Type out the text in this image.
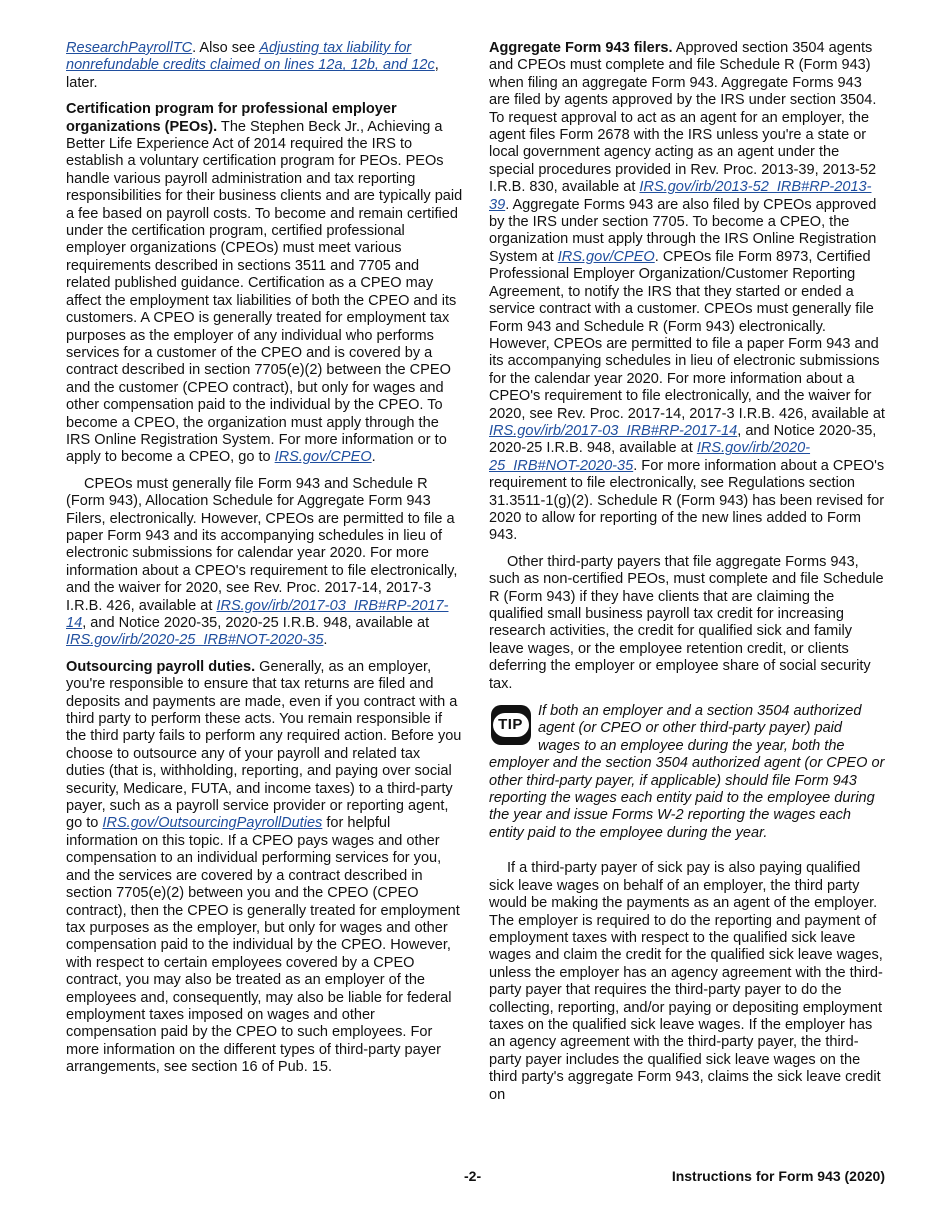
ResearchPayrollTC. Also see Adjusting tax liability for nonrefundable credits claimed on lines 12a, 12b, and 12c, later.

Certification program for professional employer organizations (PEOs). The Stephen Beck Jr., Achieving a Better Life Experience Act of 2014 required the IRS to establish a voluntary certification program for PEOs. PEOs handle various payroll administration and tax reporting responsibilities for their business clients and are typically paid a fee based on payroll costs. To become and remain certified under the certification program, certified professional employer organizations (CPEOs) must meet various requirements described in sections 3511 and 7705 and related published guidance. Certification as a CPEO may affect the employment tax liabilities of both the CPEO and its customers. A CPEO is generally treated for employment tax purposes as the employer of any individual who performs services for a customer of the CPEO and is covered by a contract described in section 7705(e)(2) between the CPEO and the customer (CPEO contract), but only for wages and other compensation paid to the individual by the CPEO. To become a CPEO, the organization must apply through the IRS Online Registration System. For more information or to apply to become a CPEO, go to IRS.gov/CPEO.

CPEOs must generally file Form 943 and Schedule R (Form 943), Allocation Schedule for Aggregate Form 943 Filers, electronically. However, CPEOs are permitted to file a paper Form 943 and its accompanying schedules in lieu of electronic submissions for calendar year 2020. For more information about a CPEO's requirement to file electronically, and the waiver for 2020, see Rev. Proc. 2017-14, 2017-3 I.R.B. 426, available at IRS.gov/irb/2017-03_IRB#RP-2017-14, and Notice 2020-35, 2020-25 I.R.B. 948, available at IRS.gov/irb/2020-25_IRB#NOT-2020-35.

Outsourcing payroll duties. Generally, as an employer, you're responsible to ensure that tax returns are filed and deposits and payments are made, even if you contract with a third party to perform these acts. You remain responsible if the third party fails to perform any required action. Before you choose to outsource any of your payroll and related tax duties (that is, withholding, reporting, and paying over social security, Medicare, FUTA, and income taxes) to a third-party payer, such as a payroll service provider or reporting agent, go to IRS.gov/OutsourcingPayrollDuties for helpful information on this topic. If a CPEO pays wages and other compensation to an individual performing services for you, and the services are covered by a contract described in section 7705(e)(2) between you and the CPEO (CPEO contract), then the CPEO is generally treated for employment tax purposes as the employer, but only for wages and other compensation paid to the individual by the CPEO. However, with respect to certain employees covered by a CPEO contract, you may also be treated as an employer of the employees and, consequently, may also be liable for federal employment taxes imposed on wages and other compensation paid by the CPEO to such employees. For more information on the different types of third-party payer arrangements, see section 16 of Pub. 15.

Aggregate Form 943 filers. Approved section 3504 agents and CPEOs must complete and file Schedule R (Form 943) when filing an aggregate Form 943. Aggregate Forms 943 are filed by agents approved by the IRS under section 3504. To request approval to act as an agent for an employer, the agent files Form 2678 with the IRS unless you're a state or local government agency acting as an agent under the special procedures provided in Rev. Proc. 2013-39, 2013-52 I.R.B. 830, available at IRS.gov/irb/2013-52_IRB#RP-2013-39. Aggregate Forms 943 are also filed by CPEOs approved by the IRS under section 7705. To become a CPEO, the organization must apply through the IRS Online Registration System at IRS.gov/CPEO. CPEOs file Form 8973, Certified Professional Employer Organization/Customer Reporting Agreement, to notify the IRS that they started or ended a service contract with a customer. CPEOs must generally file Form 943 and Schedule R (Form 943) electronically. However, CPEOs are permitted to file a paper Form 943 and its accompanying schedules in lieu of electronic submissions for the calendar year 2020. For more information about a CPEO's requirement to file electronically, and the waiver for 2020, see Rev. Proc. 2017-14, 2017-3 I.R.B. 426, available at IRS.gov/irb/2017-03_IRB#RP-2017-14, and Notice 2020-35, 2020-25 I.R.B. 948, available at IRS.gov/irb/2020-25_IRB#NOT-2020-35. For more information about a CPEO's requirement to file electronically, see Regulations section 31.3511-1(g)(2). Schedule R (Form 943) has been revised for 2020 to allow for reporting of the new lines added to Form 943.

Other third-party payers that file aggregate Forms 943, such as non-certified PEOs, must complete and file Schedule R (Form 943) if they have clients that are claiming the qualified small business payroll tax credit for increasing research activities, the credit for qualified sick and family leave wages, or the employee retention credit, or clients deferring the employer or employee share of social security tax.

TIP
If both an employer and a section 3504 authorized agent (or CPEO or other third-party payer) paid wages to an employee during the year, both the employer and the section 3504 authorized agent (or CPEO or other third-party payer, if applicable) should file Form 943 reporting the wages each entity paid to the employee during the year and issue Forms W-2 reporting the wages each entity paid to the employee during the year.

If a third-party payer of sick pay is also paying qualified sick leave wages on behalf of an employer, the third party would be making the payments as an agent of the employer. The employer is required to do the reporting and payment of employment taxes with respect to the qualified sick leave wages and claim the credit for the qualified sick leave wages, unless the employer has an agency agreement with the third-party payer that requires the third-party payer to do the collecting, reporting, and/or paying or depositing employment taxes on the qualified sick leave wages. If the employer has an agency agreement with the third-party payer, the third-party payer includes the qualified sick leave wages on the third party's aggregate Form 943, claims the sick leave credit on

-2-	Instructions for Form 943 (2020)
